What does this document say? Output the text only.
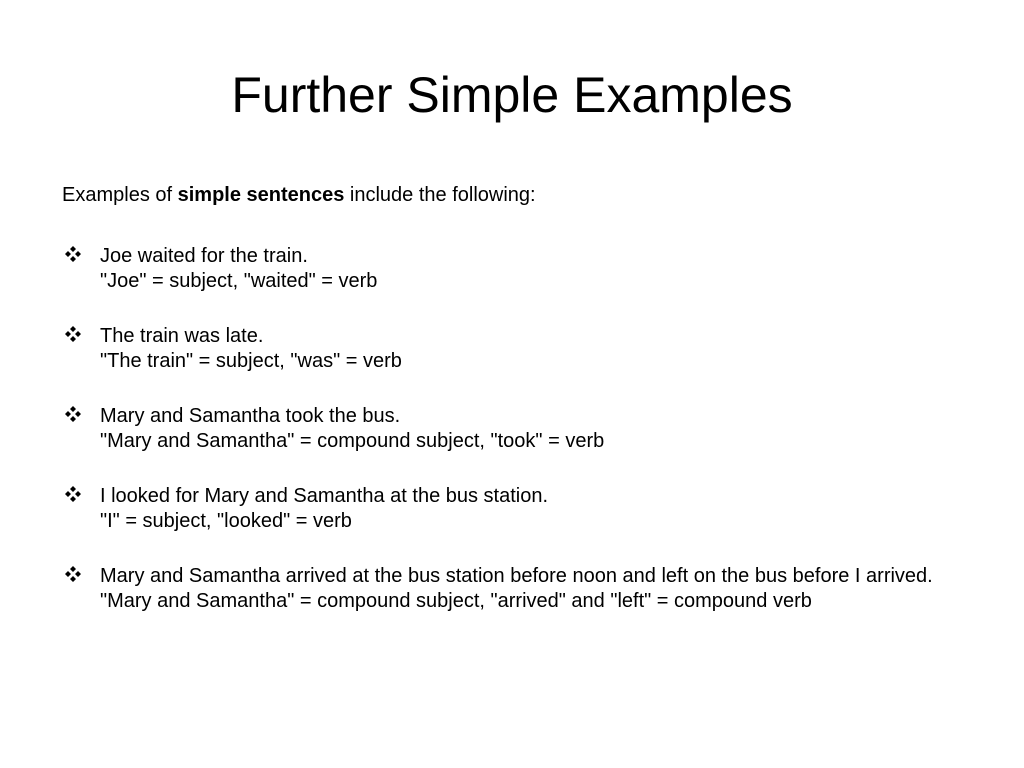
Further Simple Examples
Examples of simple sentences include the following:
Joe waited for the train.
"Joe" = subject, "waited" = verb
The train was late.
"The train" = subject, "was" = verb
Mary and Samantha took the bus.
"Mary and Samantha" = compound subject, "took" = verb
I looked for Mary and Samantha at the bus station.
"I" = subject, "looked" = verb
Mary and Samantha arrived at the bus station before noon and left on the bus before I arrived.
"Mary and Samantha" = compound subject, "arrived" and "left" = compound verb
